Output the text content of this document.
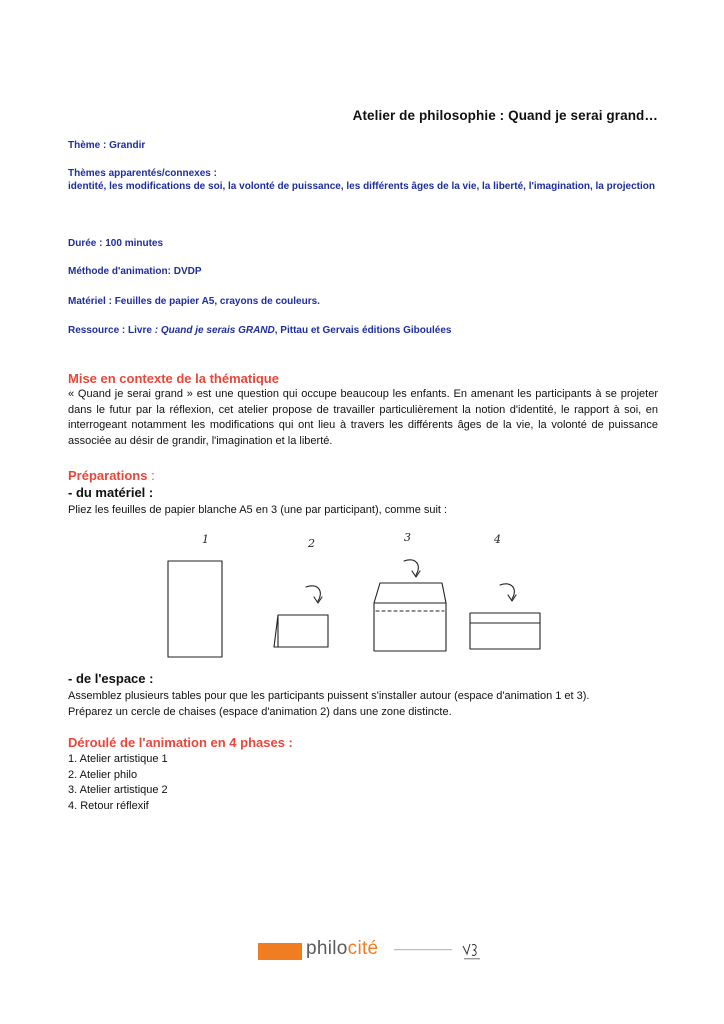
Atelier de philosophie : Quand je serai grand…
Thème : Grandir
Thèmes apparentés/connexes :
identité, les modifications de soi, la volonté de puissance, les différents âges de la vie, la liberté, l'imagination, la projection
Durée : 100 minutes
Méthode d'animation: DVDP
Matériel : Feuilles de papier A5, crayons de couleurs.
Ressource : Livre : Quand je serais GRAND, Pittau et Gervais éditions Giboulées
Mise en contexte de la thématique
« Quand je serai grand » est une question qui occupe beaucoup les enfants. En amenant les participants à se projeter dans le futur par la réflexion, cet atelier propose de travailler particulièrement la notion d'identité, le rapport à soi, en interrogeant notamment les modifications qui ont lieu à travers les différents âges de la vie, la volonté de puissance associée au désir de grandir, l'imagination et la liberté.
Préparations :
- du matériel :
Pliez les feuilles de papier blanche A5 en 3 (une par participant), comme suit :
1	2	3	4
- de l'espace :
Assemblez plusieurs tables pour que les participants puissent s'installer autour (espace d'animation 1 et 3).
Préparez un cercle de chaises (espace d'animation 2) dans une zone distincte.
Déroulé de l'animation en 4 phases :
1. Atelier artistique 1
2. Atelier philo
3. Atelier artistique 2
4. Retour réflexif
philocité
